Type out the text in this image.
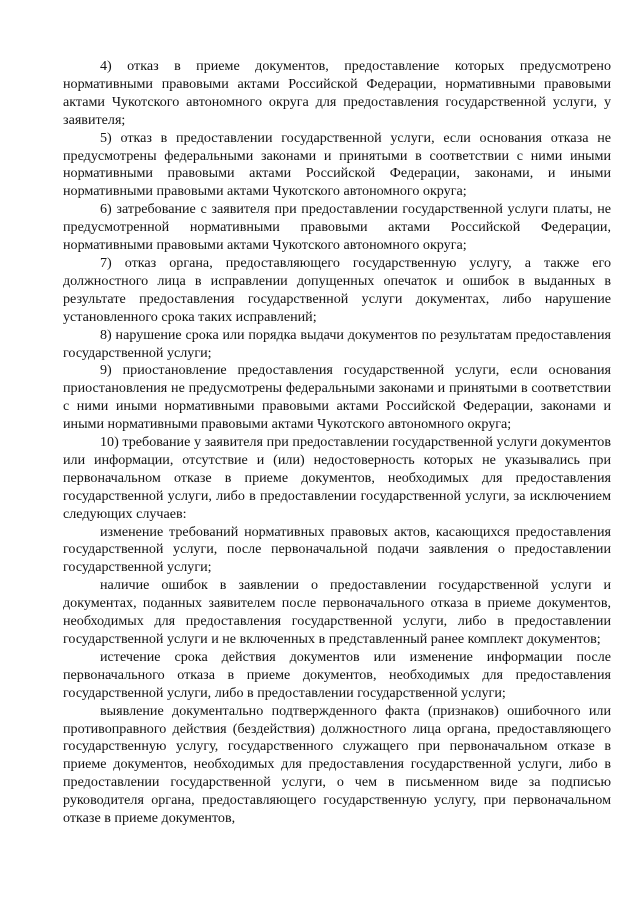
4) отказ в приеме документов, предоставление которых предусмотрено нормативными правовыми актами Российской Федерации, нормативными правовыми актами Чукотского автономного округа для предоставления государственной услуги, у заявителя;

5) отказ в предоставлении государственной услуги, если основания отказа не предусмотрены федеральными законами и принятыми в соответствии с ними иными нормативными правовыми актами Российской Федерации, законами, и иными нормативными правовыми актами Чукотского автономного округа;

6) затребование с заявителя при предоставлении государственной услуги платы, не предусмотренной нормативными правовыми актами Российской Федерации, нормативными правовыми актами Чукотского автономного округа;

7) отказ органа, предоставляющего государственную услугу, а также его должностного лица в исправлении допущенных опечаток и ошибок в выданных в результате предоставления государственной услуги документах, либо нарушение установленного срока таких исправлений;

8) нарушение срока или порядка выдачи документов по результатам предоставления государственной услуги;

9) приостановление предоставления государственной услуги, если основания приостановления не предусмотрены федеральными законами и принятыми в соответствии с ними иными нормативными правовыми актами Российской Федерации, законами и иными нормативными правовыми актами Чукотского автономного округа;

10) требование у заявителя при предоставлении государственной услуги документов или информации, отсутствие и (или) недостоверность которых не указывались при первоначальном отказе в приеме документов, необходимых для предоставления государственной услуги, либо в предоставлении государственной услуги, за исключением следующих случаев:

изменение требований нормативных правовых актов, касающихся предоставления государственной услуги, после первоначальной подачи заявления о предоставлении государственной услуги;

наличие ошибок в заявлении о предоставлении государственной услуги и документах, поданных заявителем после первоначального отказа в приеме документов, необходимых для предоставления государственной услуги, либо в предоставлении государственной услуги и не включенных в представленный ранее комплект документов;

истечение срока действия документов или изменение информации после первоначального отказа в приеме документов, необходимых для предоставления государственной услуги, либо в предоставлении государственной услуги;

выявление документально подтвержденного факта (признаков) ошибочного или противоправного действия (бездействия) должностного лица органа, предоставляющего государственную услугу, государственного служащего при первоначальном отказе в приеме документов, необходимых для предоставления государственной услуги, либо в предоставлении государственной услуги, о чем в письменном виде за подписью руководителя органа, предоставляющего государственную услугу, при первоначальном отказе в приеме документов,
